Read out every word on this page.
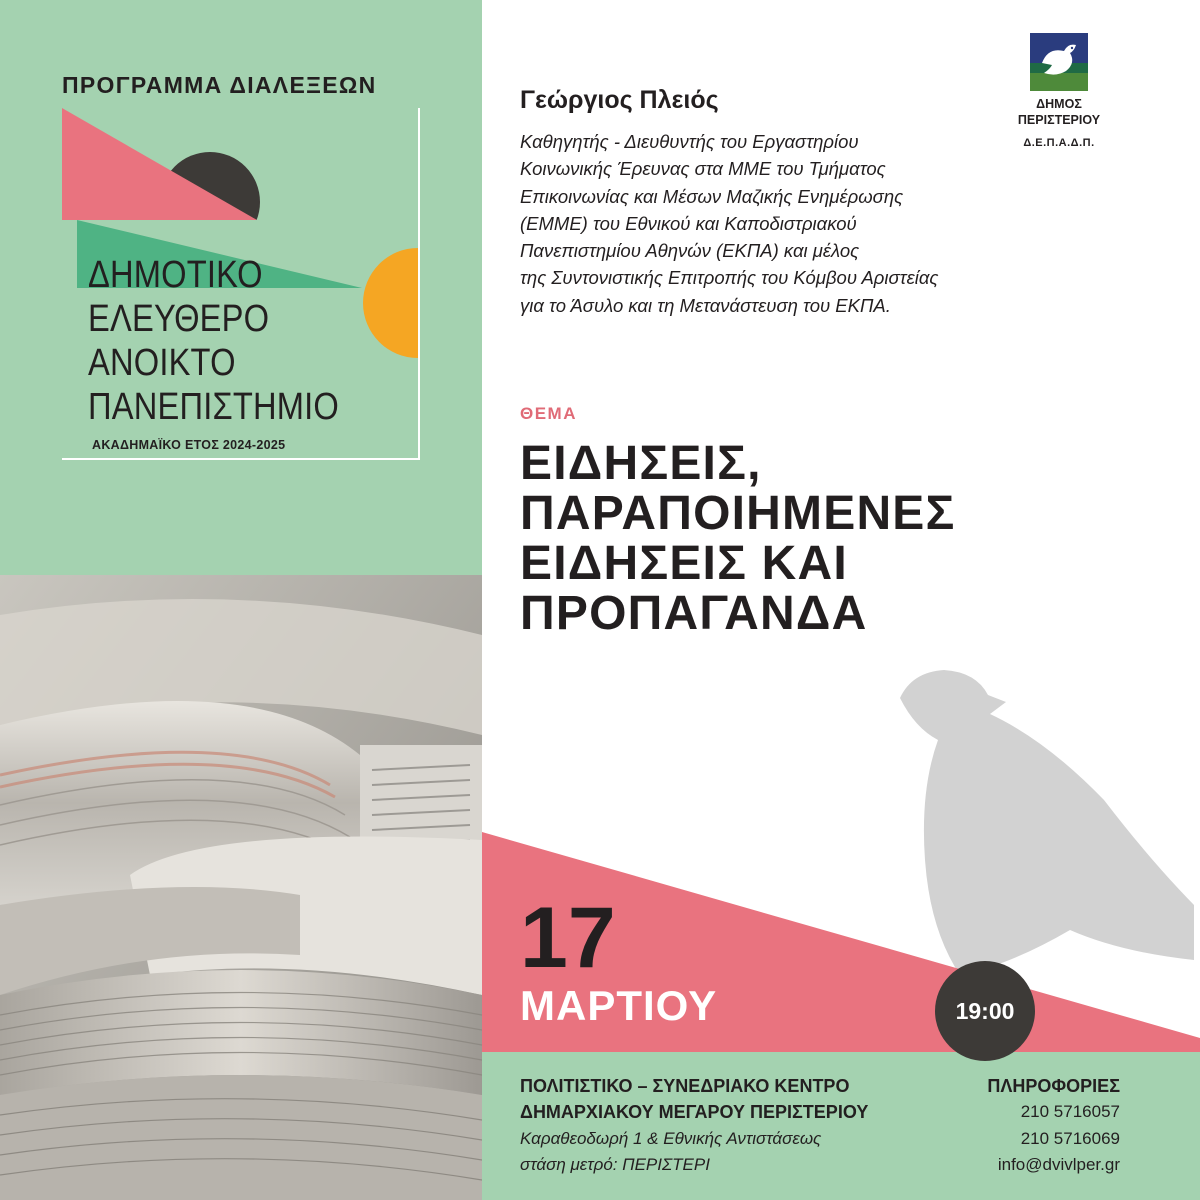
ΠΡΟΓΡΑΜΜΑ ΔΙΑΛΕΞΕΩΝ
ΔΗΜΟΤΙΚΟ
ΕΛΕΥΘΕΡΟ
ΑΝΟΙΚΤΟ
ΠΑΝΕΠΙΣΤΗΜΙΟ
ΑΚΑΔΗΜΑΪΚΟ ΕΤΟΣ 2024-2025
ΔΗΜΟΣ
ΠΕΡΙΣΤΕΡΙΟΥ
Δ.Ε.Π.Α.Δ.Π.
Γεώργιος Πλειός
Καθηγητής - Διευθυντής του Εργαστηρίου
Κοινωνικής Έρευνας στα ΜΜΕ του Τμήματος
Επικοινωνίας και Μέσων Μαζικής Ενημέρωσης
(ΕΜΜΕ) του Εθνικού και Καποδιστριακού
Πανεπιστημίου Αθηνών (ΕΚΠΑ) και μέλος
της Συντονιστικής Επιτροπής του Κόμβου Αριστείας
για το Άσυλο και τη Μετανάστευση του ΕΚΠΑ.
ΘΕΜΑ
ΕΙΔΗΣΕΙΣ,
ΠΑΡΑΠΟΙΗΜΕΝΕΣ
ΕΙΔΗΣΕΙΣ ΚΑΙ
ΠΡΟΠΑΓΑΝΔΑ
17
ΜΑΡΤΙΟΥ	19:00
ΠΟΛΙΤΙΣΤΙΚΟ – ΣΥΝΕΔΡΙΑΚΟ ΚΕΝΤΡΟ
ΔΗΜΑΡΧΙΑΚΟΥ ΜΕΓΑΡΟΥ ΠΕΡΙΣΤΕΡΙΟΥ
Καραθεοδωρή 1 & Εθνικής Αντιστάσεως
στάση μετρό: ΠΕΡΙΣΤΕΡΙ
ΠΛΗΡΟΦΟΡΙΕΣ
210 5716057
210 5716069
info@dvivlper.gr
